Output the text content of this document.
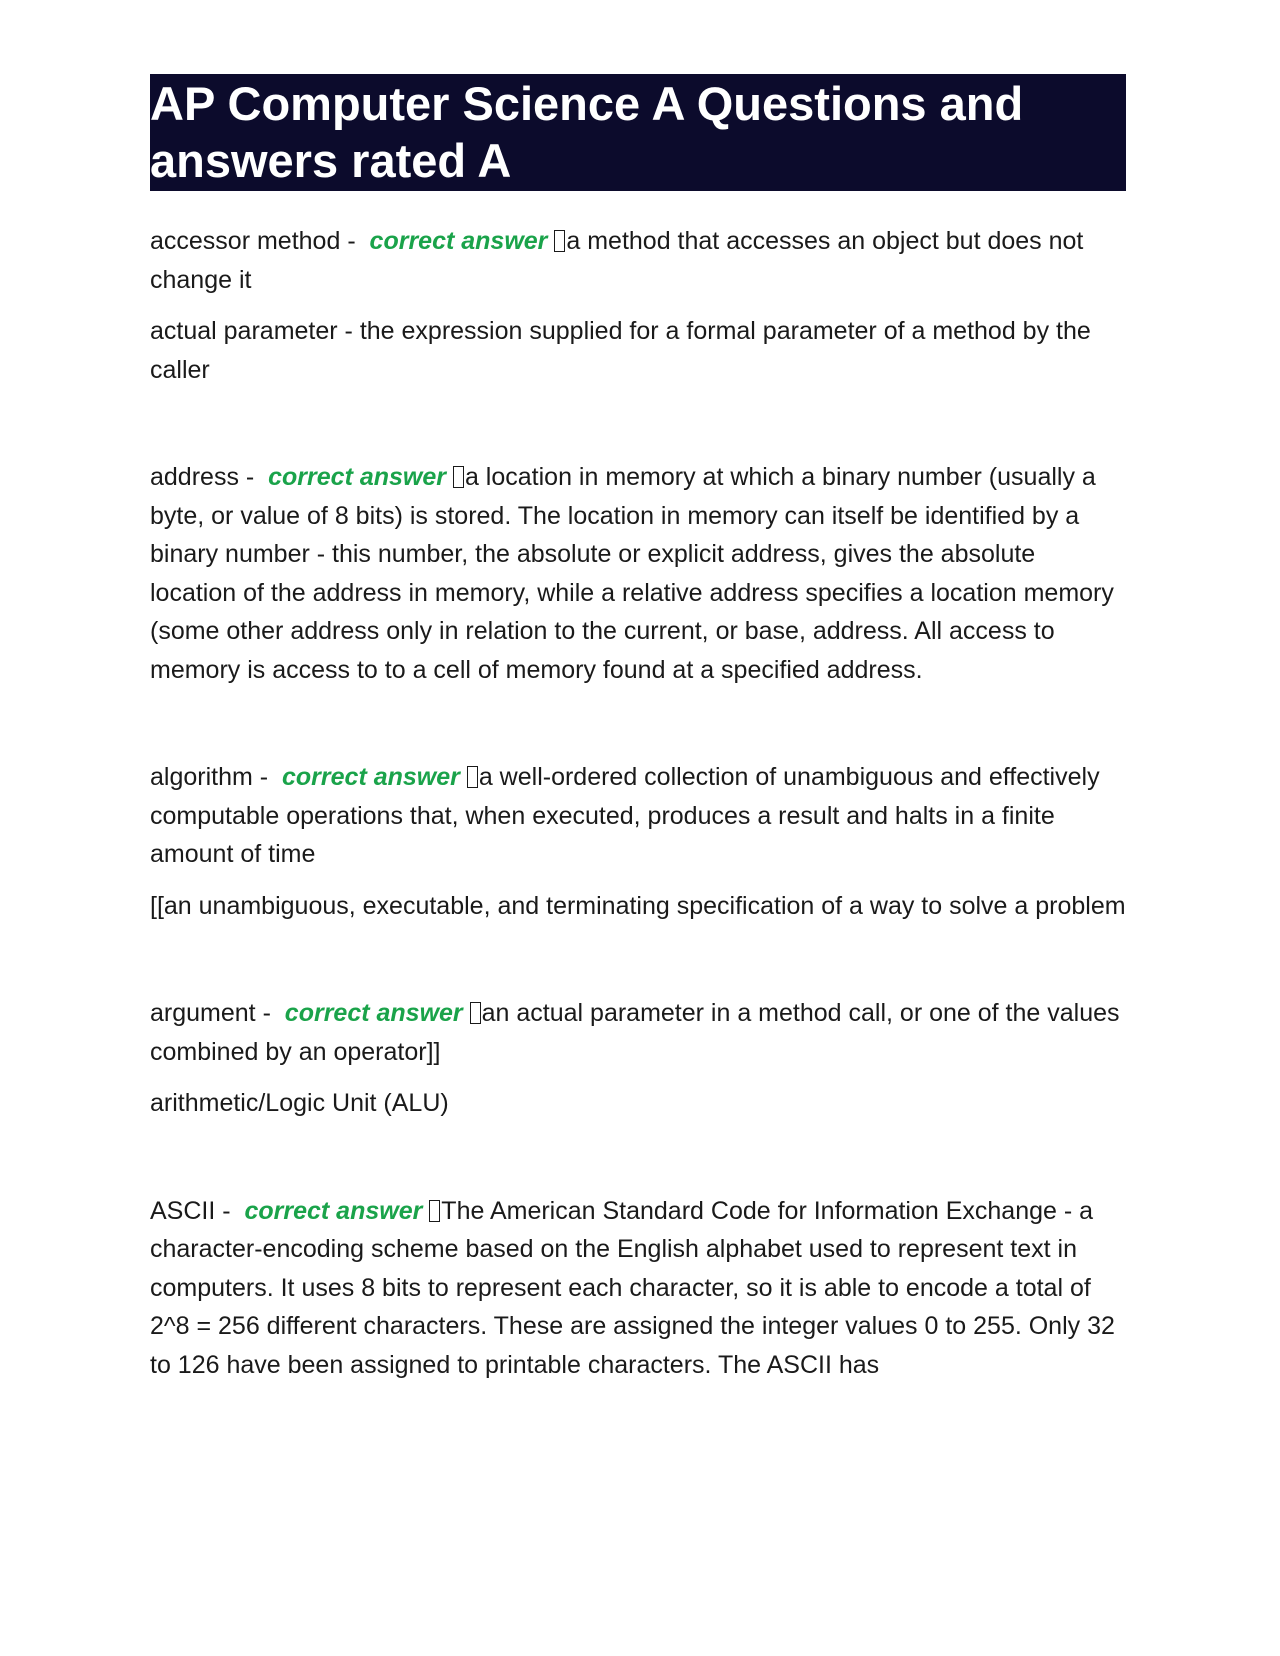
AP Computer Science A Questions and answers rated A

accessor method -  correct answer a method that accesses an object but does not change it

actual parameter - the expression supplied for a formal parameter of a method by the caller

address -  correct answer a location in memory at which a binary number (usually a byte, or value of 8 bits) is stored. The location in memory can itself be identified by a binary number - this number, the absolute or explicit address, gives the absolute location of the address in memory, while a relative address specifies a location memory (some other address only in relation to the current, or base, address. All access to memory is access to to a cell of memory found at a specified address.

algorithm -  correct answer a well-ordered collection of unambiguous and effectively computable operations that, when executed, produces a result and halts in a finite amount of time

[[an unambiguous, executable, and terminating specification of a way to solve a problem

argument -  correct answer an actual parameter in a method call, or one of the values combined by an operator]]

arithmetic/Logic Unit (ALU)

ASCII -  correct answer The American Standard Code for Information Exchange - a character-encoding scheme based on the English alphabet used to represent text in computers. It uses 8 bits to represent each character, so it is able to encode a total of 2^8 = 256 different characters. These are assigned the integer values 0 to 255. Only 32 to 126 have been assigned to printable characters. The ASCII has
